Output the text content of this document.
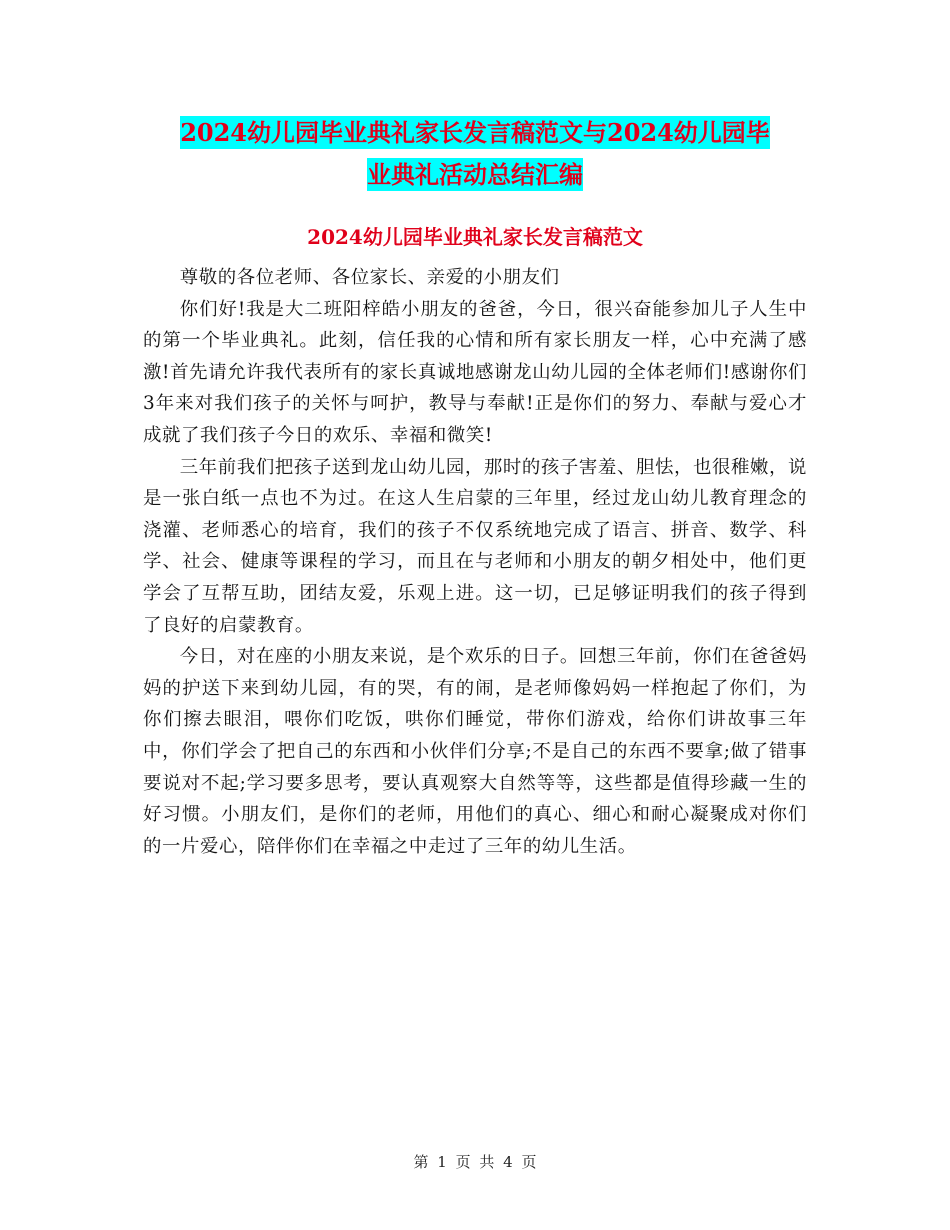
2024幼儿园毕业典礼家长发言稿范文与2024幼儿园毕
业典礼活动总结汇编
2024幼儿园毕业典礼家长发言稿范文

尊敬的各位老师、各位家长、亲爱的小朋友们

你们好!我是大二班阳梓皓小朋友的爸爸，今日，很兴奋能参加儿子人生中的第一个毕业典礼。此刻，信任我的心情和所有家长朋友一样，心中充满了感激!首先请允许我代表所有的家长真诚地感谢龙山幼儿园的全体老师们!感谢你们3年来对我们孩子的关怀与呵护，教导与奉献!正是你们的努力、奉献与爱心才成就了我们孩子今日的欢乐、幸福和微笑!

三年前我们把孩子送到龙山幼儿园，那时的孩子害羞、胆怯，也很稚嫩，说是一张白纸一点也不为过。在这人生启蒙的三年里，经过龙山幼儿教育理念的浇灌、老师悉心的培育，我们的孩子不仅系统地完成了语言、拼音、数学、科学、社会、健康等课程的学习，而且在与老师和小朋友的朝夕相处中，他们更学会了互帮互助，团结友爱，乐观上进。这一切，已足够证明我们的孩子得到了良好的启蒙教育。

今日，对在座的小朋友来说，是个欢乐的日子。回想三年前，你们在爸爸妈妈的护送下来到幼儿园，有的哭，有的闹，是老师像妈妈一样抱起了你们，为你们擦去眼泪，喂你们吃饭，哄你们睡觉，带你们游戏，给你们讲故事三年中，你们学会了把自己的东西和小伙伴们分享;不是自己的东西不要拿;做了错事要说对不起;学习要多思考，要认真观察大自然等等，这些都是值得珍藏一生的好习惯。小朋友们，是你们的老师，用他们的真心、细心和耐心凝聚成对你们的一片爱心，陪伴你们在幸福之中走过了三年的幼儿生活。

第 1 页 共 4 页
